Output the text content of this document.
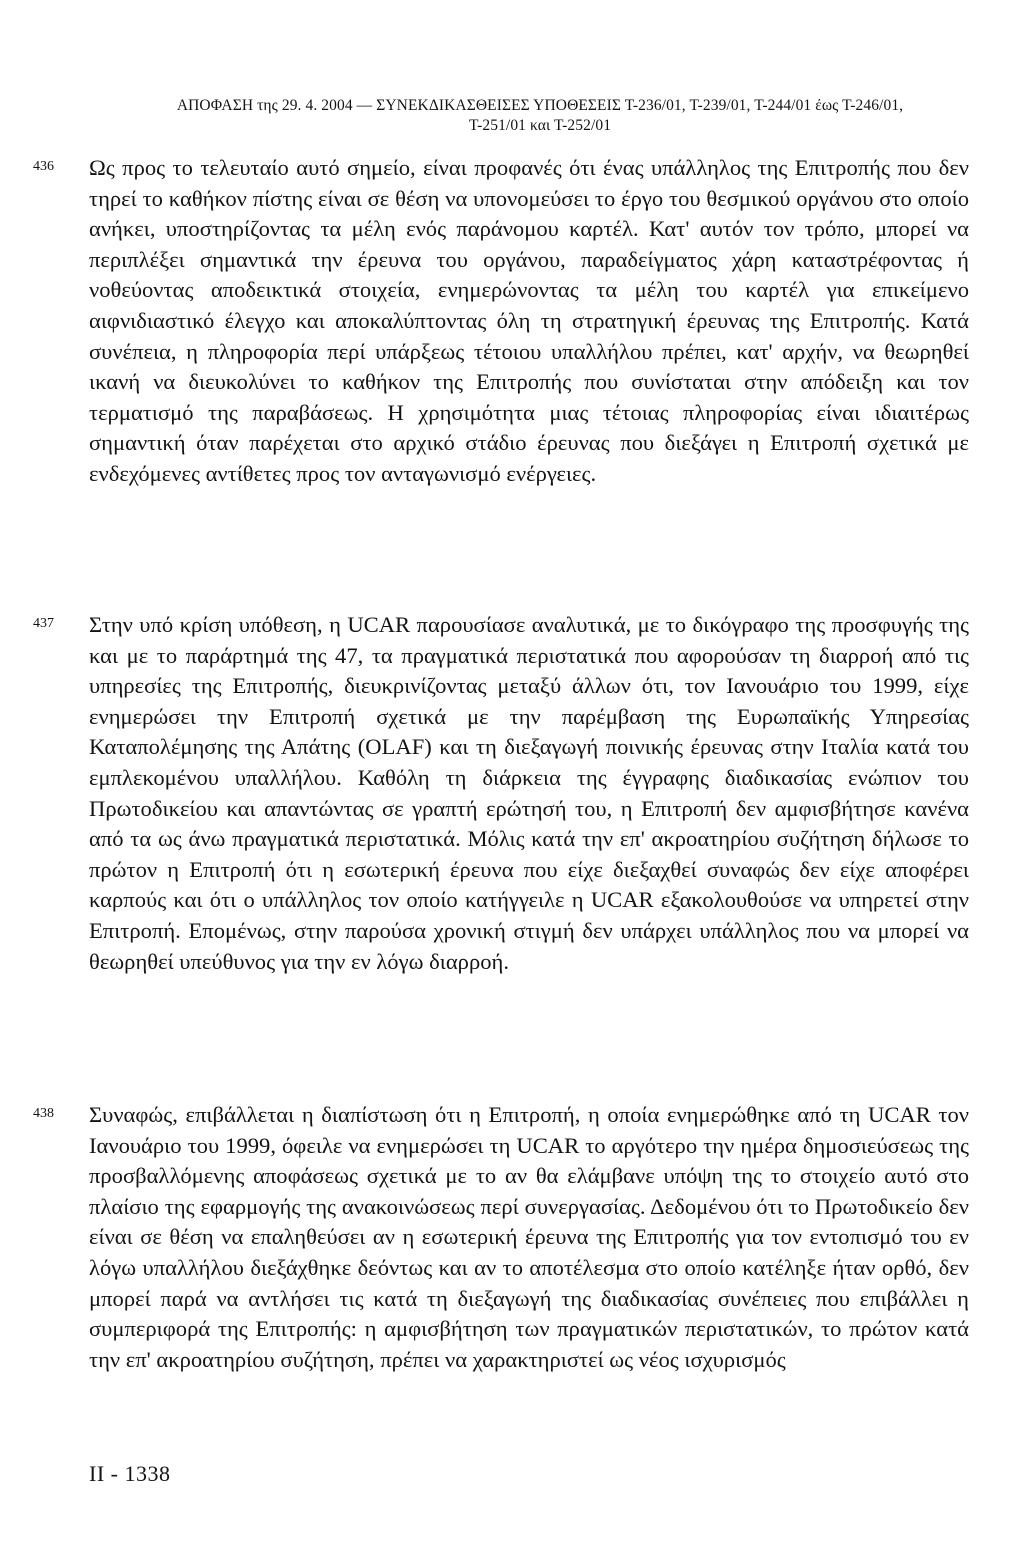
ΑΠΟΦΑΣΗ της 29. 4. 2004 — ΣΥΝΕΚΔΙΚΑΣΘΕΙΣΕΣ ΥΠΟΘΕΣΕΙΣ Τ-236/01, Τ-239/01, Τ-244/01 έως Τ-246/01,
Τ-251/01 και Τ-252/01
436 Ως προς το τελευταίο αυτό σημείο, είναι προφανές ότι ένας υπάλληλος της Επιτροπής που δεν τηρεί το καθήκον πίστης είναι σε θέση να υπονομεύσει το έργο του θεσμικού οργάνου στο οποίο ανήκει, υποστηρίζοντας τα μέλη ενός παράνομου καρτέλ. Κατ' αυτόν τον τρόπο, μπορεί να περιπλέξει σημαντικά την έρευνα του οργάνου, παραδείγματος χάρη καταστρέφοντας ή νοθεύοντας αποδεικτικά στοιχεία, ενημερώνοντας τα μέλη του καρτέλ για επικείμενο αιφνιδιαστικό έλεγχο και αποκαλύπτοντας όλη τη στρατηγική έρευνας της Επιτροπής. Κατά συνέπεια, η πληροφορία περί υπάρξεως τέτοιου υπαλλήλου πρέπει, κατ' αρχήν, να θεωρηθεί ικανή να διευκολύνει το καθήκον της Επιτροπής που συνίσταται στην απόδειξη και τον τερματισμό της παραβάσεως. Η χρησιμότητα μιας τέτοιας πληροφορίας είναι ιδιαιτέρως σημαντική όταν παρέχεται στο αρχικό στάδιο έρευνας που διεξάγει η Επιτροπή σχετικά με ενδεχόμενες αντίθετες προς τον ανταγωνισμό ενέργειες.

437 Στην υπό κρίση υπόθεση, η UCAR παρουσίασε αναλυτικά, με το δικόγραφο της προσφυγής της και με το παράρτημά της 47, τα πραγματικά περιστατικά που αφορούσαν τη διαρροή από τις υπηρεσίες της Επιτροπής, διευκρινίζοντας μεταξύ άλλων ότι, τον Ιανουάριο του 1999, είχε ενημερώσει την Επιτροπή σχετικά με την παρέμβαση της Ευρωπαϊκής Υπηρεσίας Καταπολέμησης της Απάτης (OLAF) και τη διεξαγωγή ποινικής έρευνας στην Ιταλία κατά του εμπλεκομένου υπαλλήλου. Καθόλη τη διάρκεια της έγγραφης διαδικασίας ενώπιον του Πρωτοδικείου και απαντώντας σε γραπτή ερώτησή του, η Επιτροπή δεν αμφισβήτησε κανένα από τα ως άνω πραγματικά περιστατικά. Μόλις κατά την επ' ακροατηρίου συζήτηση δήλωσε το πρώτον η Επιτροπή ότι η εσωτερική έρευνα που είχε διεξαχθεί συναφώς δεν είχε αποφέρει καρπούς και ότι ο υπάλληλος τον οποίο κατήγγειλε η UCAR εξακολουθούσε να υπηρετεί στην Επιτροπή. Επομένως, στην παρούσα χρονική στιγμή δεν υπάρχει υπάλληλος που να μπορεί να θεωρηθεί υπεύθυνος για την εν λόγω διαρροή.

438 Συναφώς, επιβάλλεται η διαπίστωση ότι η Επιτροπή, η οποία ενημερώθηκε από τη UCAR τον Ιανουάριο του 1999, όφειλε να ενημερώσει τη UCAR το αργότερο την ημέρα δημοσιεύσεως της προσβαλλόμενης αποφάσεως σχετικά με το αν θα ελάμβανε υπόψη της το στοιχείο αυτό στο πλαίσιο της εφαρμογής της ανακοινώσεως περί συνεργασίας. Δεδομένου ότι το Πρωτοδικείο δεν είναι σε θέση να επαληθεύσει αν η εσωτερική έρευνα της Επιτροπής για τον εντοπισμό του εν λόγω υπαλλήλου διεξάχθηκε δεόντως και αν το αποτέλεσμα στο οποίο κατέληξε ήταν ορθό, δεν μπορεί παρά να αντλήσει τις κατά τη διεξαγωγή της διαδικασίας συνέπειες που επιβάλλει η συμπεριφορά της Επιτροπής: η αμφισβήτηση των πραγματικών περιστατικών, το πρώτον κατά την επ' ακροατηρίου συζήτηση, πρέπει να χαρακτηριστεί ως νέος ισχυρισμός

II - 1338
